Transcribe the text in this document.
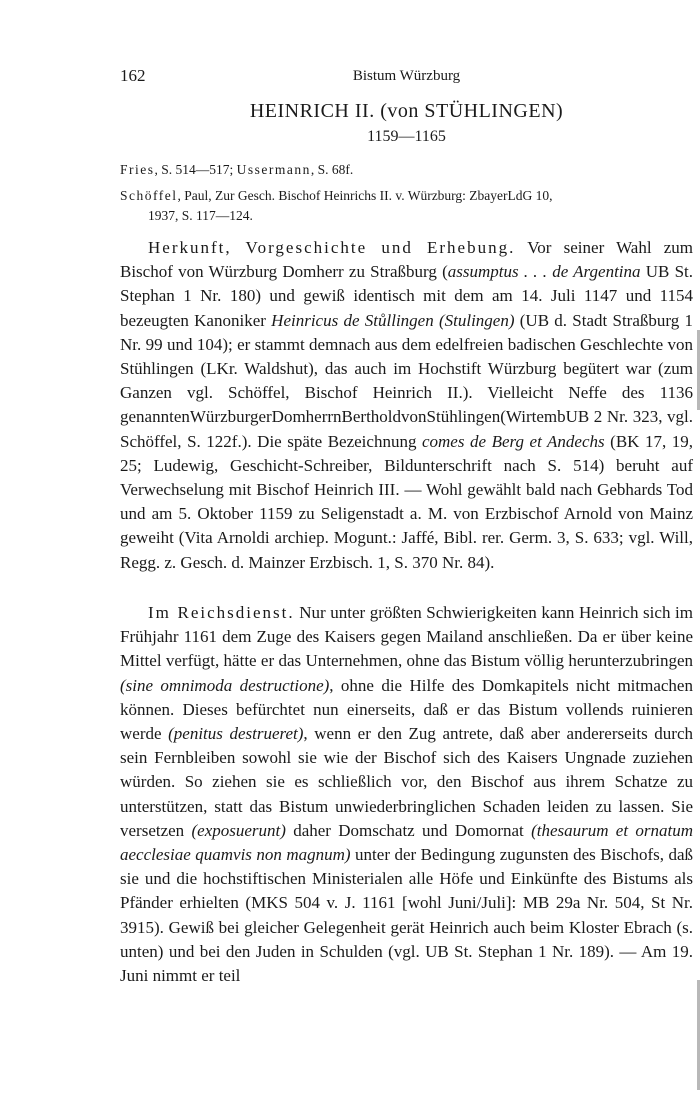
162	Bistum Würzburg
HEINRICH II. (von STÜHLINGEN)
1159—1165
Fries, S. 514—517; Ussermann, S. 68f.
Schöffel, Paul, Zur Gesch. Bischof Heinrichs II. v. Würzburg: ZbayerLdG 10,
1937, S. 117—124.

Herkunft, Vorgeschichte und Erhebung. Vor seiner Wahl zum Bischof von Würzburg Domherr zu Straßburg (assumptus . . . de Argentina UB St. Stephan 1 Nr. 180) und gewiß identisch mit dem am 14. Juli 1147 und 1154 bezeugten Kanoniker Heinricus de Stůllingen (Stulingen) (UB d. Stadt Straßburg 1 Nr. 99 und 104); er stammt demnach aus dem edelfreien badischen Geschlechte von Stühlingen (LKr. Waldshut), das auch im Hochstift Würzburg begütert war (zum Ganzen vgl. Schöffel, Bischof Heinrich II.). Vielleicht Neffe des 1136 genanntenWürzburgerDomherrnBertholdvonStühlingen(WirtembUB 2 Nr. 323, vgl. Schöffel, S. 122f.). Die späte Bezeichnung comes de Berg et Andechs (BK 17, 19, 25; Ludewig, Geschicht-Schreiber, Bildunterschrift nach S. 514) beruht auf Verwechselung mit Bischof Heinrich III. — Wohl gewählt bald nach Gebhards Tod und am 5. Oktober 1159 zu Seligenstadt a. M. von Erzbischof Arnold von Mainz geweiht (Vita Arnoldi archiep. Mogunt.: Jaffé, Bibl. rer. Germ. 3, S. 633; vgl. Will, Regg. z. Gesch. d. Mainzer Erzbisch. 1, S. 370 Nr. 84).

Im Reichsdienst. Nur unter größten Schwierigkeiten kann Heinrich sich im Frühjahr 1161 dem Zuge des Kaisers gegen Mailand anschließen. Da er über keine Mittel verfügt, hätte er das Unternehmen, ohne das Bistum völlig herunterzubringen (sine omnimoda destructione), ohne die Hilfe des Domkapitels nicht mitmachen können. Dieses befürchtet nun einerseits, daß er das Bistum vollends ruinieren werde (penitus destrueret), wenn er den Zug antrete, daß aber andererseits durch sein Fernbleiben sowohl sie wie der Bischof sich des Kaisers Ungnade zuziehen würden. So ziehen sie es schließlich vor, den Bischof aus ihrem Schatze zu unterstützen, statt das Bistum unwiederbringlichen Schaden leiden zu lassen. Sie versetzen (exposuerunt) daher Domschatz und Domornat (thesaurum et ornatum aecclesiae quamvis non magnum) unter der Bedingung zugunsten des Bischofs, daß sie und die hochstiftischen Ministerialen alle Höfe und Einkünfte des Bistums als Pfänder erhielten (MKS 504 v. J. 1161 [wohl Juni/Juli]: MB 29a Nr. 504, St Nr. 3915). Gewiß bei gleicher Gelegenheit gerät Heinrich auch beim Kloster Ebrach (s. unten) und bei den Juden in Schulden (vgl. UB St. Stephan 1 Nr. 189). — Am 19. Juni nimmt er teil
